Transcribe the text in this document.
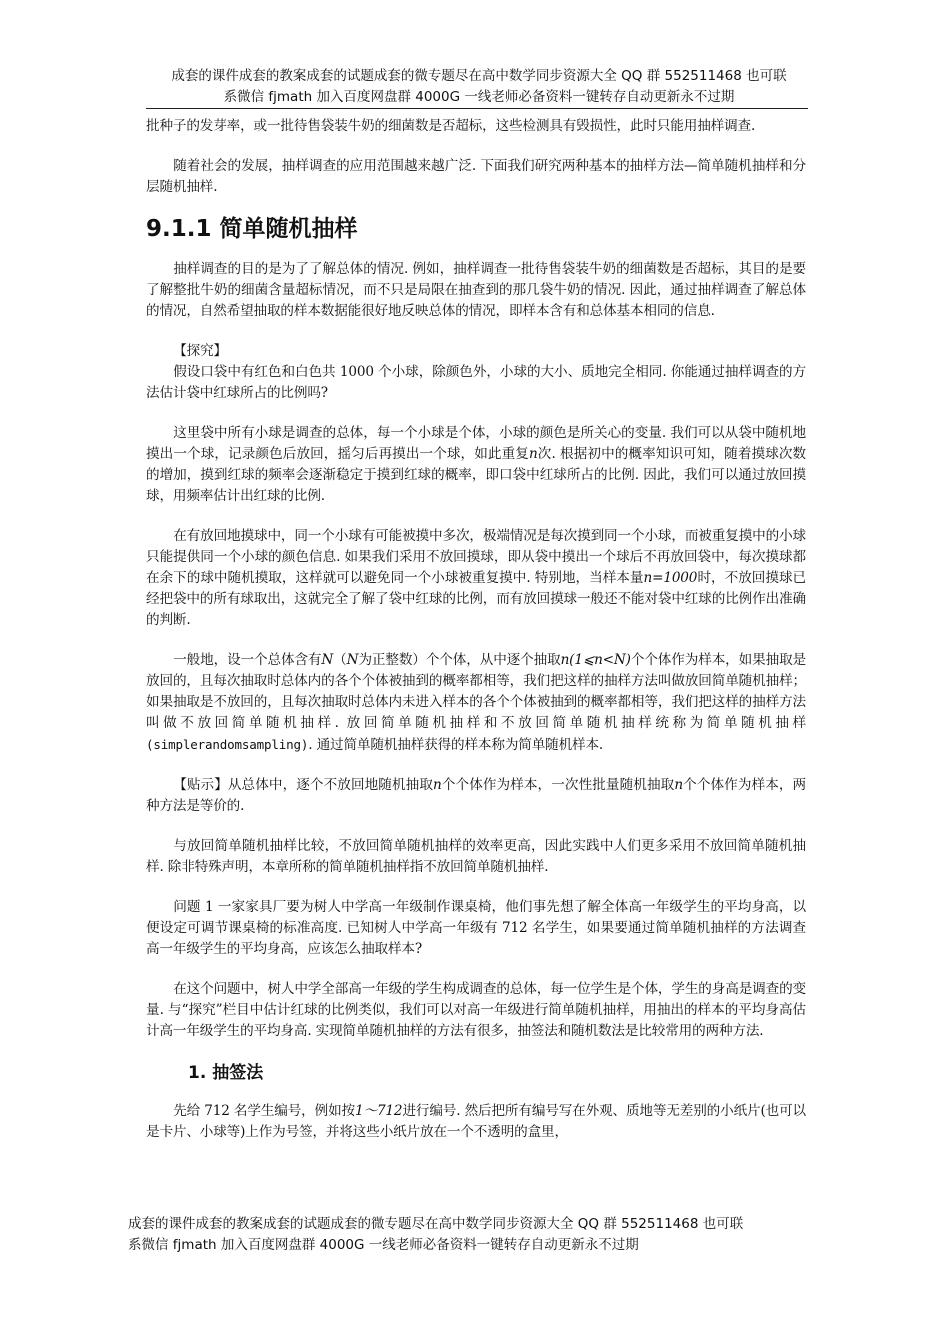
成套的课件成套的教案成套的试题成套的微专题尽在高中数学同步资源大全 QQ 群 552511468 也可联
系微信 fjmath 加入百度网盘群 4000G 一线老师必备资料一键转存自动更新永不过期

批种子的发芽率，或一批待售袋装牛奶的细菌数是否超标，这些检测具有毁损性，此时只能用抽样调查.

随着社会的发展，抽样调查的应用范围越来越广泛. 下面我们研究两种基本的抽样方法—简单随机抽样和分层随机抽样.

9.1.1 简单随机抽样

抽样调查的目的是为了了解总体的情况. 例如，抽样调查一批待售袋装牛奶的细菌数是否超标，其目的是要了解整批牛奶的细菌含量超标情况，而不只是局限在抽查到的那几袋牛奶的情况. 因此，通过抽样调查了解总体的情况，自然希望抽取的样本数据能很好地反映总体的情况，即样本含有和总体基本相同的信息.

【探究】

假设口袋中有红色和白色共 1000 个小球，除颜色外，小球的大小、质地完全相同. 你能通过抽样调查的方法估计袋中红球所占的比例吗?

这里袋中所有小球是调查的总体，每一个小球是个体，小球的颜色是所关心的变量. 我们可以从袋中随机地摸出一个球，记录颜色后放回，摇匀后再摸出一个球，如此重复n次. 根据初中的概率知识可知，随着摸球次数的增加，摸到红球的频率会逐渐稳定于摸到红球的概率，即口袋中红球所占的比例. 因此，我们可以通过放回摸球，用频率估计出红球的比例.

在有放回地摸球中，同一个小球有可能被摸中多次，极端情况是每次摸到同一个小球，而被重复摸中的小球只能提供同一个小球的颜色信息. 如果我们采用不放回摸球，即从袋中摸出一个球后不再放回袋中，每次摸球都在余下的球中随机摸取，这样就可以避免同一个小球被重复摸中. 特别地，当样本量n=1000时，不放回摸球已经把袋中的所有球取出，这就完全了解了袋中红球的比例，而有放回摸球一般还不能对袋中红球的比例作出准确的判断.

一般地，设一个总体含有N（N为正整数）个个体，从中逐个抽取n(1⩽n<N)个个体作为样本，如果抽取是放回的，且每次抽取时总体内的各个个体被抽到的概率都相等，我们把这样的抽样方法叫做放回简单随机抽样；如果抽取是不放回的，且每次抽取时总体内未进入样本的各个个体被抽到的概率都相等，我们把这样的抽样方法叫做不放回简单随机抽样. 放回简单随机抽样和不放回简单随机抽样统称为简单随机抽样(simplerandomsampling). 通过简单随机抽样获得的样本称为简单随机样本.

【贴示】从总体中，逐个不放回地随机抽取n个个体作为样本，一次性批量随机抽取n个个体作为样本，两种方法是等价的.

与放回简单随机抽样比较，不放回简单随机抽样的效率更高，因此实践中人们更多采用不放回简单随机抽样. 除非特殊声明，本章所称的简单随机抽样指不放回简单随机抽样.

问题 1 一家家具厂要为树人中学高一年级制作课桌椅，他们事先想了解全体高一年级学生的平均身高，以便设定可调节课桌椅的标准高度. 已知树人中学高一年级有 712 名学生，如果要通过简单随机抽样的方法调查高一年级学生的平均身高，应该怎么抽取样本?

在这个问题中，树人中学全部高一年级的学生构成调查的总体，每一位学生是个体，学生的身高是调查的变量. 与“探究”栏目中估计红球的比例类似，我们可以对高一年级进行简单随机抽样，用抽出的样本的平均身高估计高一年级学生的平均身高. 实现简单随机抽样的方法有很多，抽签法和随机数法是比较常用的两种方法.

1. 抽签法

先给 712 名学生编号，例如按1～712进行编号. 然后把所有编号写在外观、质地等无差别的小纸片(也可以是卡片、小球等)上作为号签，并将这些小纸片放在一个不透明的盒里，

成套的课件成套的教案成套的试题成套的微专题尽在高中数学同步资源大全 QQ 群 552511468 也可联
系微信 fjmath 加入百度网盘群 4000G 一线老师必备资料一键转存自动更新永不过期
